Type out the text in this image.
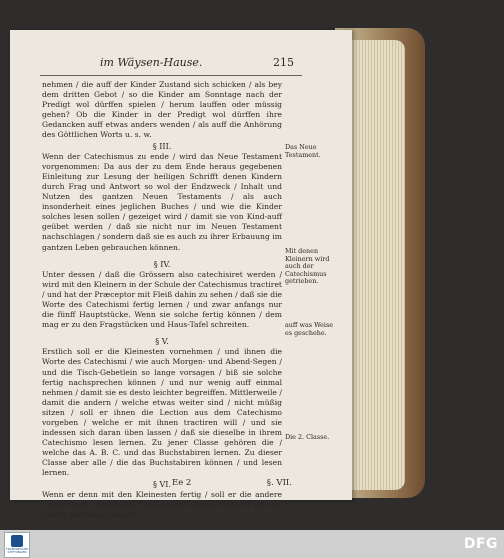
im Wäysen-Hause.	215

nehmen / die auff der Kinder Zustand sich schicken / als bey dem dritten Gebot / so die Kinder am Sonntage nach der Predigt wol dürffen spielen / herum lauffen oder müssig gehen? Ob die Kinder in der Predigt wol dürffen ihre Gedancken auff etwas anders wenden / als auff die Anhörung des Göttlichen Worts u. s. w.

§ III.

Wenn der Catechismus zu ende / wird das Neue Testament vorgenommen: Da aus der zu dem Ende heraus gegebenen Einleitung zur Lesung der heiligen Schrifft denen Kindern durch Frag und Antwort so wol der Endzweck / Inhalt und Nutzen des gantzen Neuen Testaments / als auch insonderheit eines jeglichen Buches / und wie die Kinder solches lesen sollen / gezeiget wird / damit sie von Kind-auff geübet werden / daß sie nicht nur im Neuen Testament nachschlagen / sondern daß sie es auch zu ihrer Erbauung im gantzen Leben gebrauchen können.

§ IV.

Unter dessen / daß die Grössern also catechisiret werden / wird mit den Kleinern in der Schule der Catechismus tractiret / und hat der Præceptor mit Fleiß dahin zu sehen / daß sie die Worte des Catechismi fertig lernen / und zwar anfangs nur die fünff Hauptstücke. Wenn sie solche fertig können / dem mag er zu den Fragstücken und Haus-Tafel schreiten.

§ V.

Erstlich soll er die Kleinesten vornehmen / und ihnen die Worte des Catechismi / wie auch Morgen- und Abend-Segen / und die Tisch-Gebetlein so lange vorsagen / biß sie solche fertig nachsprechen können / und nur wenig auff einmal nehmen / damit sie es desto leichter begreiffen. Mittlerweile / damit die andern / welche etwas weiter sind / nicht müßig sitzen / soll er ihnen die Lection aus dem Catechismo vorgeben / welche er mit ihnen tractiren will / und sie indessen sich daran üben lassen / daß sie dieselbe in ihrem Catechismo lesen lernen. Zu jener Classe gehören die / welche das A. B. C. und das Buchstabiren lernen. Zu dieser Classe aber alle / die das Buchstabiren können / und lesen lernen.

§ VI.

Wenn er denn mit den Kleinesten fertig / soll er die andere Classe auch vornehmen / und das mit ihnen treiben / was sie haben überlesen müssen.

Das Neue Testament.
Mit denen Kleinern wird auch der Catechismus getrieben.
auff was Weise es geschehe.
Die 2. Classe.
Ee 2	§. VII.
FRANCKESCHE STIFTUNGEN
DFG
